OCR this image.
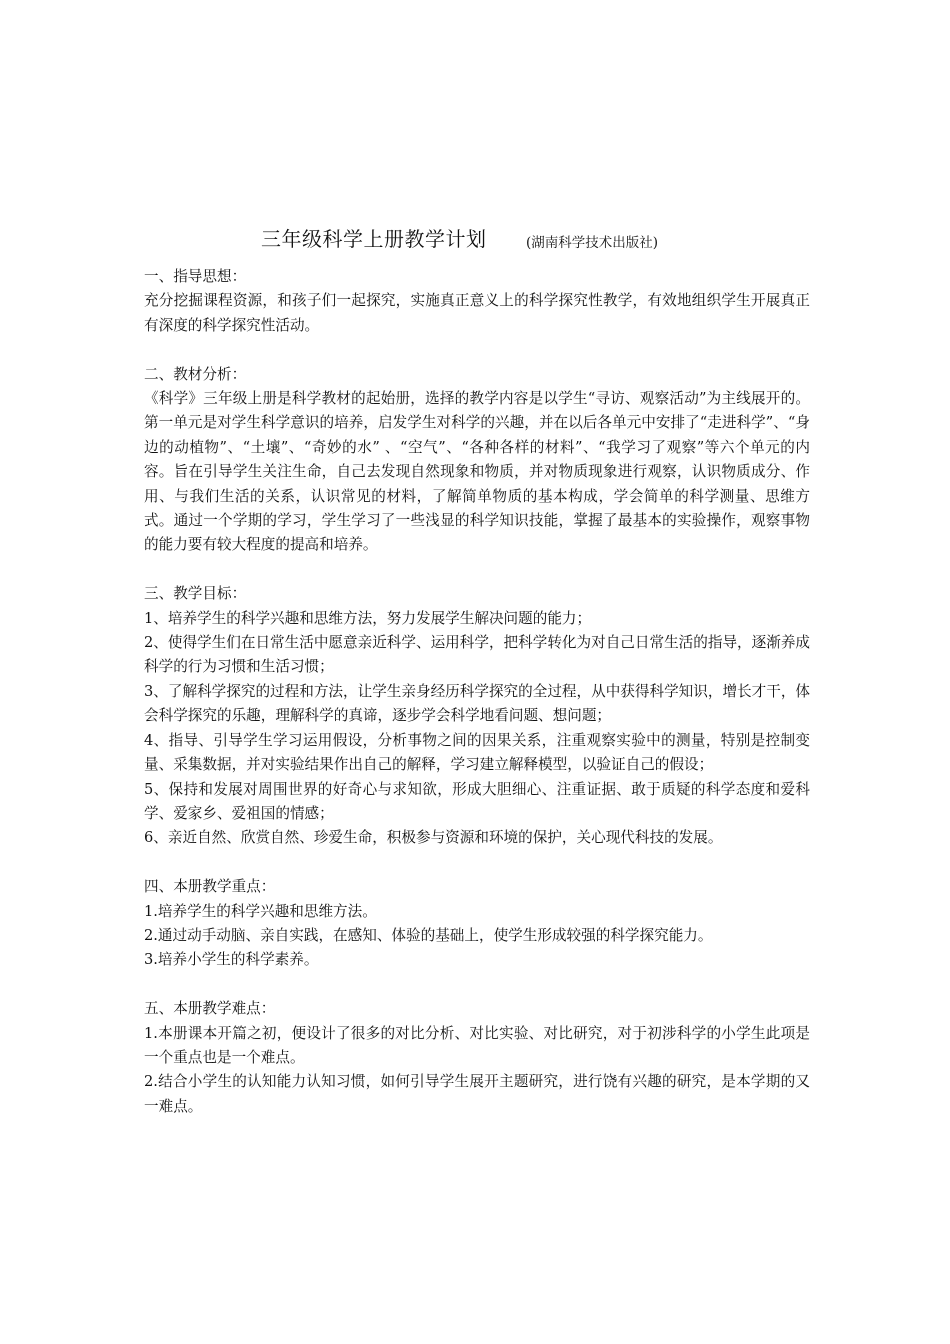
三年级科学上册教学计划	(湖南科学技术出版社)

一、指导思想：

充分挖掘课程资源，和孩子们一起探究，实施真正意义上的科学探究性教学，有效地组织学生开展真正有深度的科学探究性活动。

二、教材分析：

《科学》三年级上册是科学教材的起始册，选择的教学内容是以学生“寻访、观察活动”为主线展开的。第一单元是对学生科学意识的培养，启发学生对科学的兴趣，并在以后各单元中安排了“走进科学”、“身边的动植物”、“土壤”、“奇妙的水” 、“空气”、“各种各样的材料”、“我学习了观察”等六个单元的内容。旨在引导学生关注生命，自己去发现自然现象和物质，并对物质现象进行观察，认识物质成分、作用、与我们生活的关系，认识常见的材料，了解简单物质的基本构成，学会简单的科学测量、思维方式。通过一个学期的学习，学生学习了一些浅显的科学知识技能，掌握了最基本的实验操作，观察事物的能力要有较大程度的提高和培养。

三、教学目标：

1、培养学生的科学兴趣和思维方法，努力发展学生解决问题的能力；

2、使得学生们在日常生活中愿意亲近科学、运用科学，把科学转化为对自己日常生活的指导，逐渐养成科学的行为习惯和生活习惯；

3、了解科学探究的过程和方法，让学生亲身经历科学探究的全过程，从中获得科学知识，增长才干，体会科学探究的乐趣，理解科学的真谛，逐步学会科学地看问题、想问题；

4、指导、引导学生学习运用假设，分析事物之间的因果关系，注重观察实验中的测量，特别是控制变量、采集数据，并对实验结果作出自己的解释，学习建立解释模型，以验证自己的假设；

5、保持和发展对周围世界的好奇心与求知欲，形成大胆细心、注重证据、敢于质疑的科学态度和爱科学、爱家乡、爱祖国的情感；

6、亲近自然、欣赏自然、珍爱生命，积极参与资源和环境的保护，关心现代科技的发展。

四、本册教学重点：

1.培养学生的科学兴趣和思维方法。

2.通过动手动脑、亲自实践，在感知、体验的基础上，使学生形成较强的科学探究能力。

3.培养小学生的科学素养。

五、本册教学难点：

1.本册课本开篇之初，便设计了很多的对比分析、对比实验、对比研究，对于初涉科学的小学生此项是一个重点也是一个难点。

2.结合小学生的认知能力认知习惯，如何引导学生展开主题研究，进行饶有兴趣的研究，是本学期的又一难点。
